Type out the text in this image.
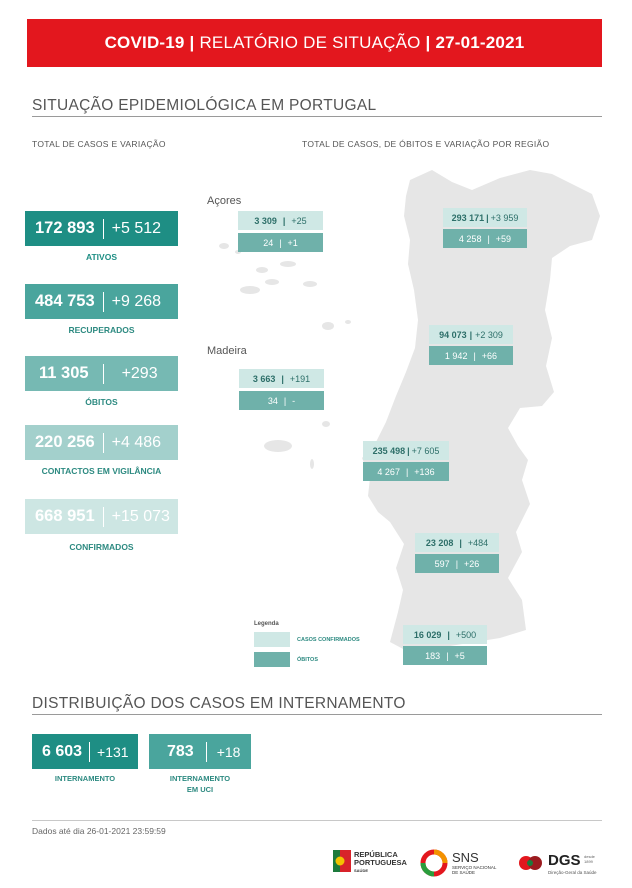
COVID-19 | RELATÓRIO DE SITUAÇÃO | 27-01-2021
SITUAÇÃO EPIDEMIOLÓGICA EM PORTUGAL
TOTAL DE CASOS E VARIAÇÃO	TOTAL DE CASOS, DE ÓBITOS E VARIAÇÃO POR REGIÃO
172 893 +5 512
ATIVOS
484 753 +9 268
RECUPERADOS
11 305 +293
ÓBITOS
220 256 +4 486
CONTACTOS EM VIGILÂNCIA
668 951 +15 073
CONFIRMADOS
Açores
Madeira
3 309 | +25
24 | +1
3 663 | +191
34 | -
293 171 | +3 959
4 258 | +59
94 073 | +2 309
1 942 | +66
235 498 | +7 605
4 267 | +136
23 208 | +484
597 | +26
16 029 | +500
183 | +5
Legenda
CASOS CONFIRMADOS
ÓBITOS
DISTRIBUIÇÃO DOS CASOS EM INTERNAMENTO
6 603 +131
INTERNAMENTO
783 +18
INTERNAMENTO
EM UCI
Dados até dia 26-01-2021 23:59:59
REPÚBLICA
PORTUGUESA
SAÚDE
SNS
SERVIÇO NACIONAL
DE SAÚDE
DGS desde
1899
Direção-Geral da Saúde
